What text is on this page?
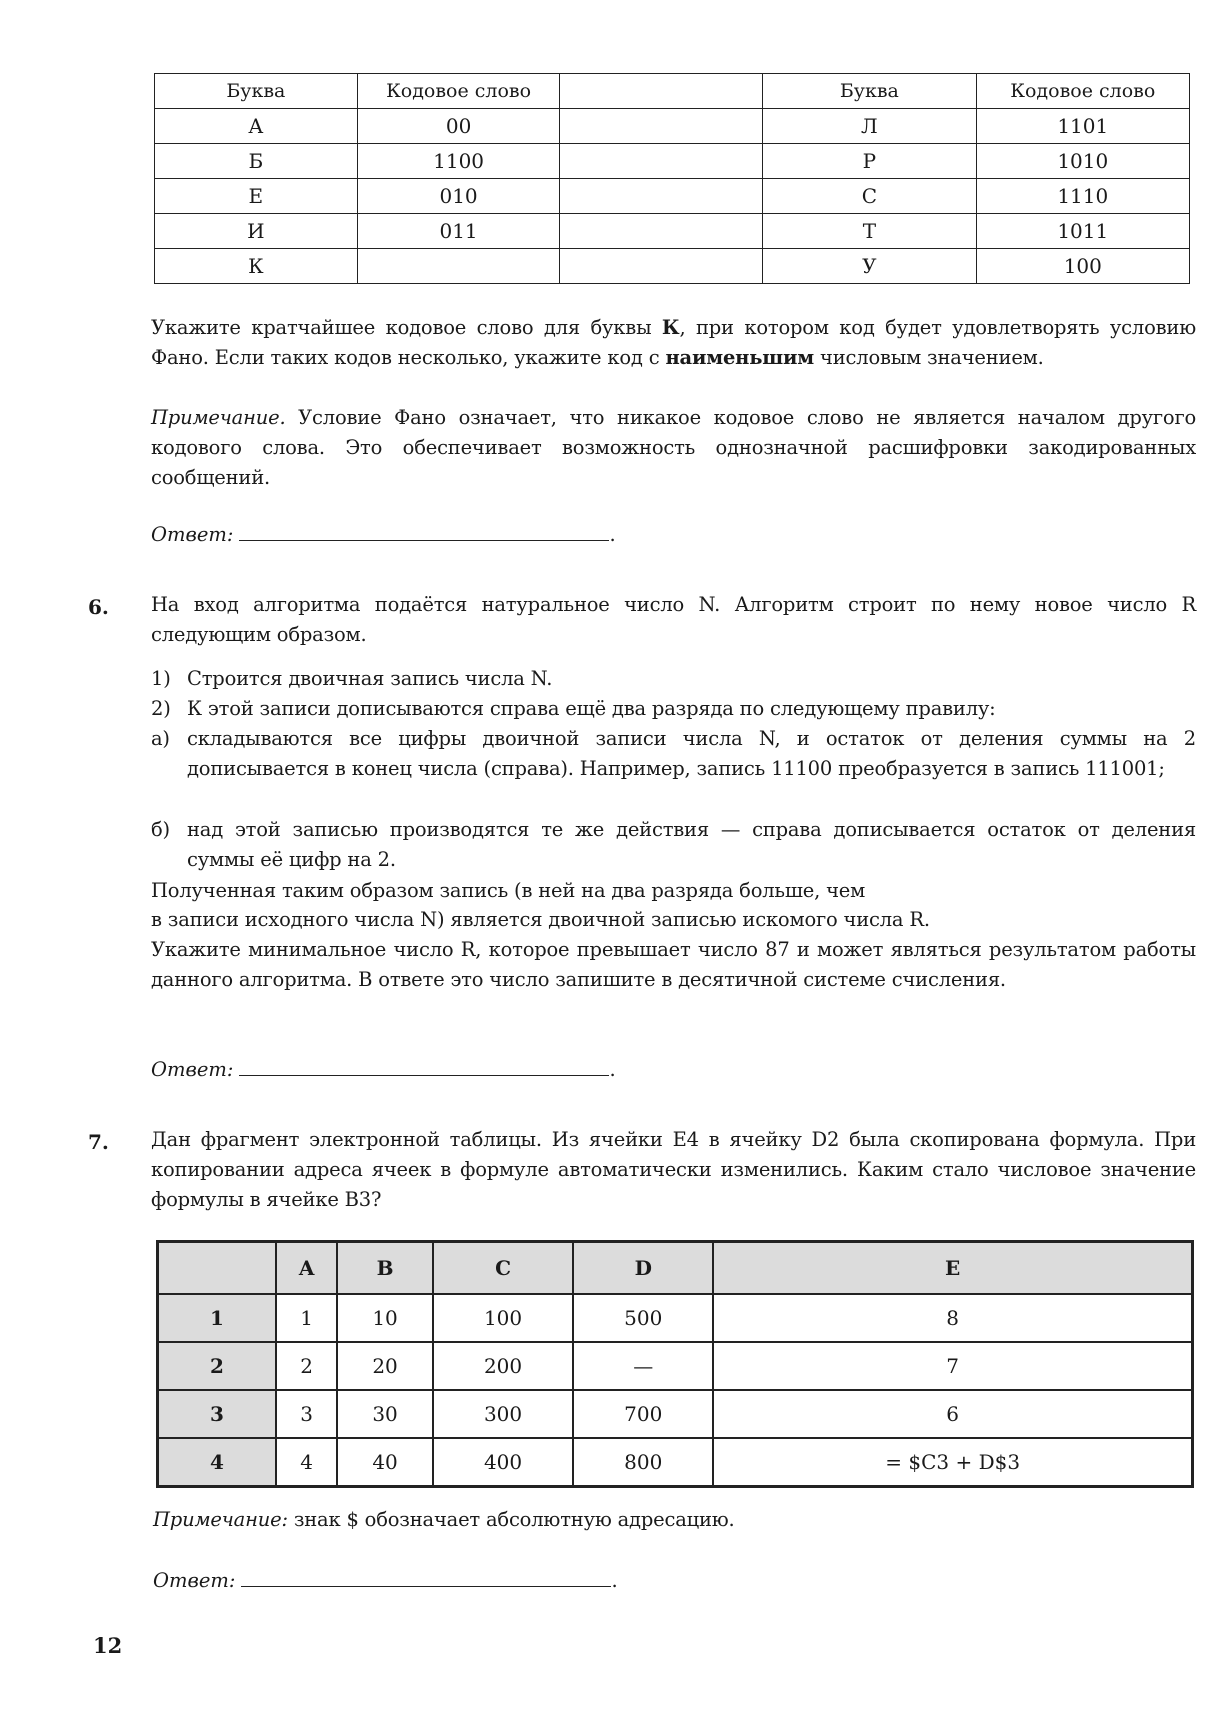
Буква	Кодовое слово		Буква	Кодовое слово
А	00		Л	1101
Б	1100		Р	1010
Е	010		С	1110
И	011		Т	1011
К			У	100
Укажите кратчайшее кодовое слово для буквы К, при котором код будет удовлетворять условию Фано. Если таких кодов несколько, укажите код с наименьшим числовым значением.
Примечание. Условие Фано означает, что никакое кодовое слово не является началом другого кодового слова. Это обеспечивает возможность однозначной расшифровки закодированных сообщений.
Ответ:	.
6. На вход алгоритма подаётся натуральное число N. Алгоритм строит по нему новое число R следующим образом.
1) Строится двоичная запись числа N.
2) К этой записи дописываются справа ещё два разряда по следующему правилу:
а) складываются все цифры двоичной записи числа N, и остаток от деления суммы на 2 дописывается в конец числа (справа). Например, запись 11100 преобразуется в запись 111001;
б) над этой записью производятся те же действия — справа дописывается остаток от деления суммы её цифр на 2.
Полученная таким образом запись (в ней на два разряда больше, чем
в записи исходного числа N) является двоичной записью искомого числа R.
Укажите минимальное число R, которое превышает число 87 и может являться результатом работы данного алгоритма. В ответе это число запишите в десятичной системе счисления.
Ответ:	.
7. Дан фрагмент электронной таблицы. Из ячейки E4 в ячейку D2 была скопирована формула. При копировании адреса ячеек в формуле автоматически изменились. Каким стало числовое значение формулы в ячейке B3?
	A	B	C	D	E
1	1	10	100	500	8
2	2	20	200	—	7
3	3	30	300	700	6
4	4	40	400	800	= $C3 + D$3
Примечание: знак $ обозначает абсолютную адресацию.
Ответ:	.
12
